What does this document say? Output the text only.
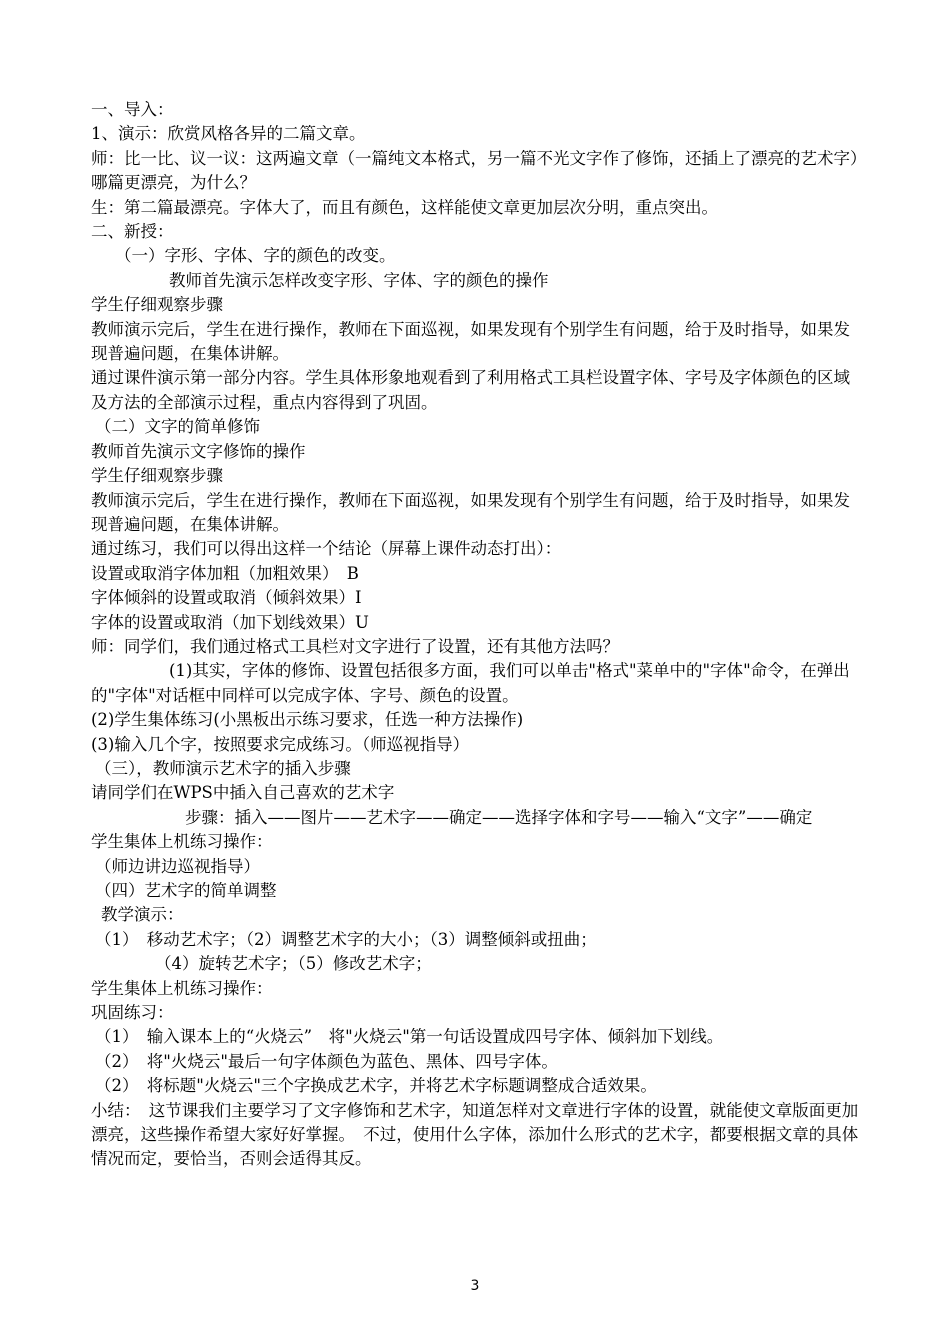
一、导入：

1、演示：欣赏风格各异的二篇文章。

师：比一比、议一议：这两遍文章（一篇纯文本格式，另一篇不光文字作了修饰，还插上了漂亮的艺术字）哪篇更漂亮，为什么？

生：第二篇最漂亮。字体大了，而且有颜色，这样能使文章更加层次分明，重点突出。

二、新授：

（一）字形、字体、字的颜色的改变。

教师首先演示怎样改变字形、字体、字的颜色的操作

学生仔细观察步骤

教师演示完后，学生在进行操作，教师在下面巡视，如果发现有个别学生有问题，给于及时指导，如果发现普遍问题，在集体讲解。

通过课件演示第一部分内容。学生具体形象地观看到了利用格式工具栏设置字体、字号及字体颜色的区域及方法的全部演示过程，重点内容得到了巩固。

（二）文字的简单修饰

教师首先演示文字修饰的操作

学生仔细观察步骤

教师演示完后，学生在进行操作，教师在下面巡视，如果发现有个别学生有问题，给于及时指导，如果发现普遍问题，在集体讲解。

通过练习，我们可以得出这样一个结论（屏幕上课件动态打出）：

设置或取消字体加粗（加粗效果）　B

字体倾斜的设置或取消（倾斜效果）I

字体的设置或取消（加下划线效果）U

师：同学们，我们通过格式工具栏对文字进行了设置，还有其他方法吗？

(1)其实，字体的修饰、设置包括很多方面，我们可以单击"格式"菜单中的"字体"命令，在弹出的"字体"对话框中同样可以完成字体、字号、颜色的设置。

(2)学生集体练习(小黑板出示练习要求，任选一种方法操作)

(3)输入几个字，按照要求完成练习。（师巡视指导）

（三），教师演示艺术字的插入步骤

请同学们在WPS中插入自己喜欢的艺术字

步骤：插入——图片——艺术字——确定——选择字体和字号——输入“文字”——确定

学生集体上机练习操作：

（师边讲边巡视指导）

（四）艺术字的简单调整

教学演示：

（1）　移动艺术字；（2）调整艺术字的大小；（3）调整倾斜或扭曲；

（4）旋转艺术字；（5）修改艺术字；

学生集体上机练习操作：

巩固练习：

（1）　输入课本上的“火烧云”　将"火烧云"第一句话设置成四号字体、倾斜加下划线。

（2）　将"火烧云"最后一句字体颜色为蓝色、黑体、四号字体。

（2）　将标题"火烧云"三个字换成艺术字，并将艺术字标题调整成合适效果。

小结：　这节课我们主要学习了文字修饰和艺术字，知道怎样对文章进行字体的设置，就能使文章版面更加漂亮，这些操作希望大家好好掌握。　不过，使用什么字体，添加什么形式的艺术字，都要根据文章的具体情况而定，要恰当，否则会适得其反。

3
